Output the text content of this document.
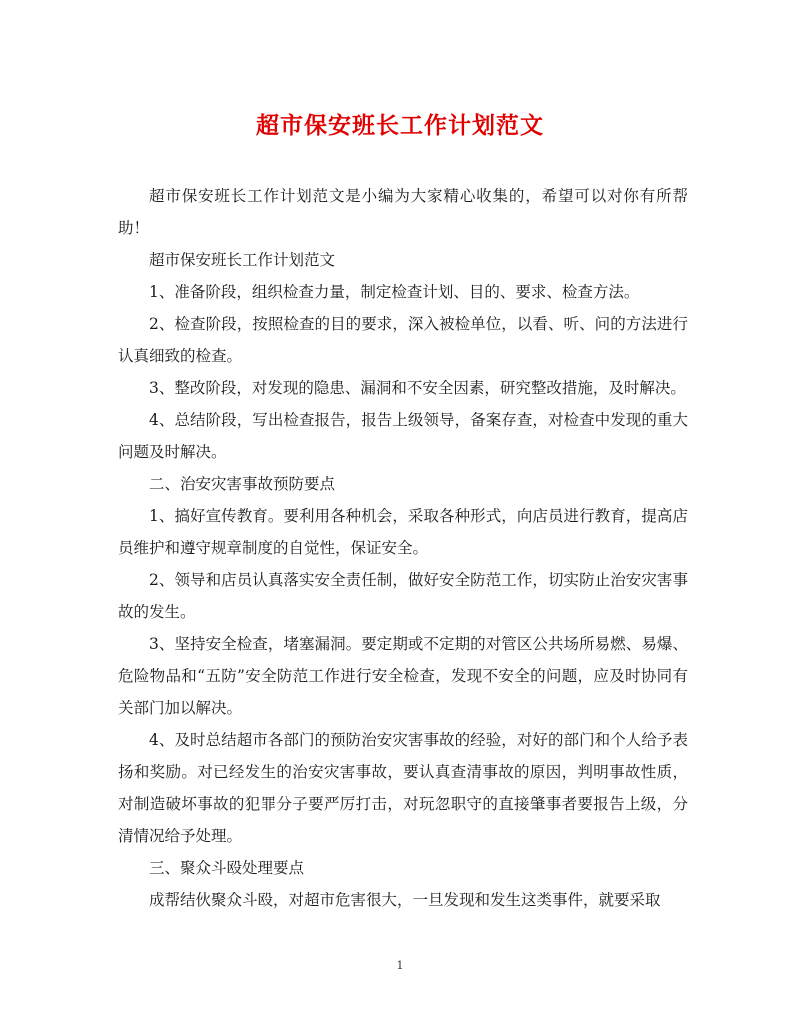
超市保安班长工作计划范文

超市保安班长工作计划范文是小编为大家精心收集的，希望可以对你有所帮助！

超市保安班长工作计划范文

1、准备阶段，组织检查力量，制定检查计划、目的、要求、检查方法。

2、检查阶段，按照检查的目的要求，深入被检单位，以看、听、问的方法进行认真细致的检查。

3、整改阶段，对发现的隐患、漏洞和不安全因素，研究整改措施，及时解决。

4、总结阶段，写出检查报告，报告上级领导，备案存查，对检查中发现的重大问题及时解决。

二、治安灾害事故预防要点

1、搞好宣传教育。要利用各种机会，采取各种形式，向店员进行教育，提高店员维护和遵守规章制度的自觉性，保证安全。

2、领导和店员认真落实安全责任制，做好安全防范工作，切实防止治安灾害事故的发生。

3、坚持安全检查，堵塞漏洞。要定期或不定期的对管区公共场所易燃、易爆、危险物品和“五防”安全防范工作进行安全检查，发现不安全的问题，应及时协同有关部门加以解决。

4、及时总结超市各部门的预防治安灾害事故的经验，对好的部门和个人给予表扬和奖励。对已经发生的治安灾害事故，要认真查清事故的原因，判明事故性质，对制造破坏事故的犯罪分子要严厉打击，对玩忽职守的直接肇事者要报告上级，分清情况给予处理。

三、聚众斗殴处理要点

成帮结伙聚众斗殴，对超市危害很大，一旦发现和发生这类事件，就要采取

1
